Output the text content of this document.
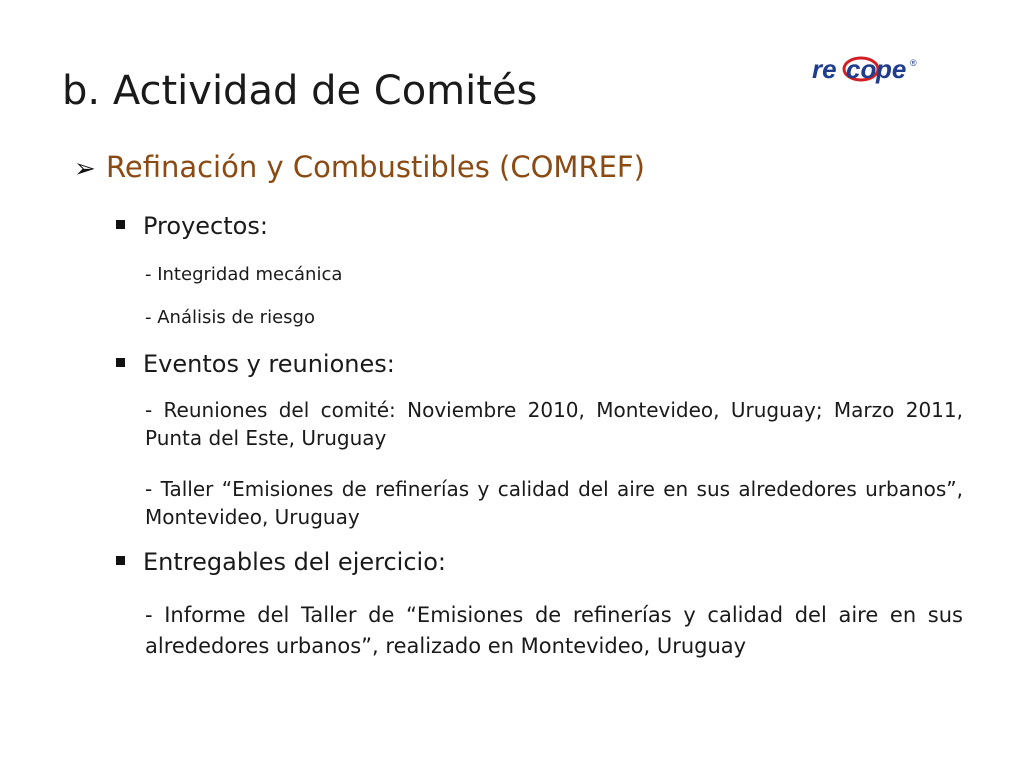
re co pe ®
b. Actividad de Comités
➢ Refinación y Combustibles (COMREF)
Proyectos:
- Integridad mecánica
- Análisis de riesgo
Eventos y reuniones:
- Reuniones del comité: Noviembre 2010, Montevideo, Uruguay; Marzo 2011, Punta del Este, Uruguay
- Taller “Emisiones de refinerías y calidad del aire en sus alrededores urbanos”, Montevideo, Uruguay
Entregables del ejercicio:
- Informe del Taller de “Emisiones de refinerías y calidad del aire en sus alrededores urbanos”, realizado en Montevideo, Uruguay
